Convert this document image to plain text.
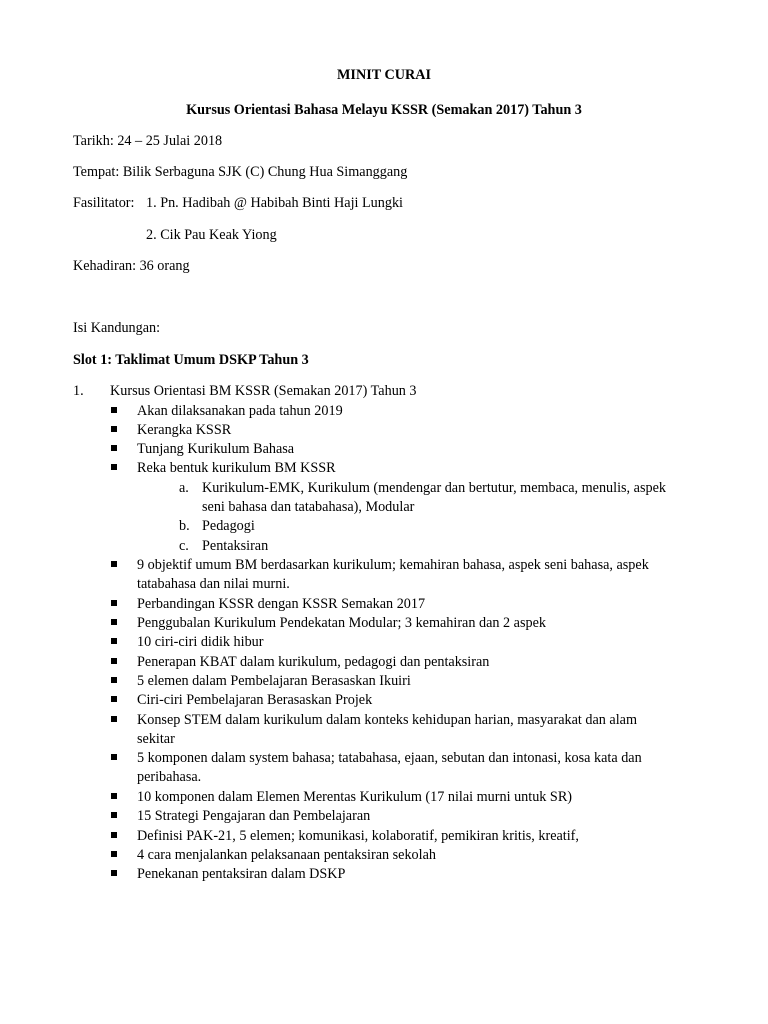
MINIT CURAI
Kursus Orientasi Bahasa Melayu KSSR (Semakan 2017) Tahun 3
Tarikh: 24 – 25 Julai 2018
Tempat: Bilik Serbaguna SJK (C) Chung Hua Simanggang
Fasilitator: 1. Pn. Hadibah @ Habibah Binti Haji Lungki
2. Cik Pau Keak Yiong
Kehadiran: 36 orang
Isi Kandungan:
Slot 1: Taklimat Umum DSKP Tahun 3
1. Kursus Orientasi BM KSSR (Semakan 2017) Tahun 3
Akan dilaksanakan pada tahun 2019
Kerangka KSSR
Tunjang Kurikulum Bahasa
Reka bentuk kurikulum BM KSSR
a. Kurikulum-EMK, Kurikulum (mendengar dan bertutur, membaca, menulis, aspek
seni bahasa dan tatabahasa), Modular
b. Pedagogi
c. Pentaksiran
9 objektif umum BM berdasarkan kurikulum; kemahiran bahasa, aspek seni bahasa, aspek
tatabahasa dan nilai murni.
Perbandingan KSSR dengan KSSR Semakan 2017
Penggubalan Kurikulum Pendekatan Modular; 3 kemahiran dan 2 aspek
10 ciri-ciri didik hibur
Penerapan KBAT dalam kurikulum, pedagogi dan pentaksiran
5 elemen dalam Pembelajaran Berasaskan Ikuiri
Ciri-ciri Pembelajaran Berasaskan Projek
Konsep STEM dalam kurikulum dalam konteks kehidupan harian, masyarakat dan alam
sekitar
5 komponen dalam system bahasa; tatabahasa, ejaan, sebutan dan intonasi, kosa kata dan
peribahasa.
10 komponen dalam Elemen Merentas Kurikulum (17 nilai murni untuk SR)
15 Strategi Pengajaran dan Pembelajaran
Definisi PAK-21, 5 elemen; komunikasi, kolaboratif, pemikiran kritis, kreatif,
4 cara menjalankan pelaksanaan pentaksiran sekolah
Penekanan pentaksiran dalam DSKP
